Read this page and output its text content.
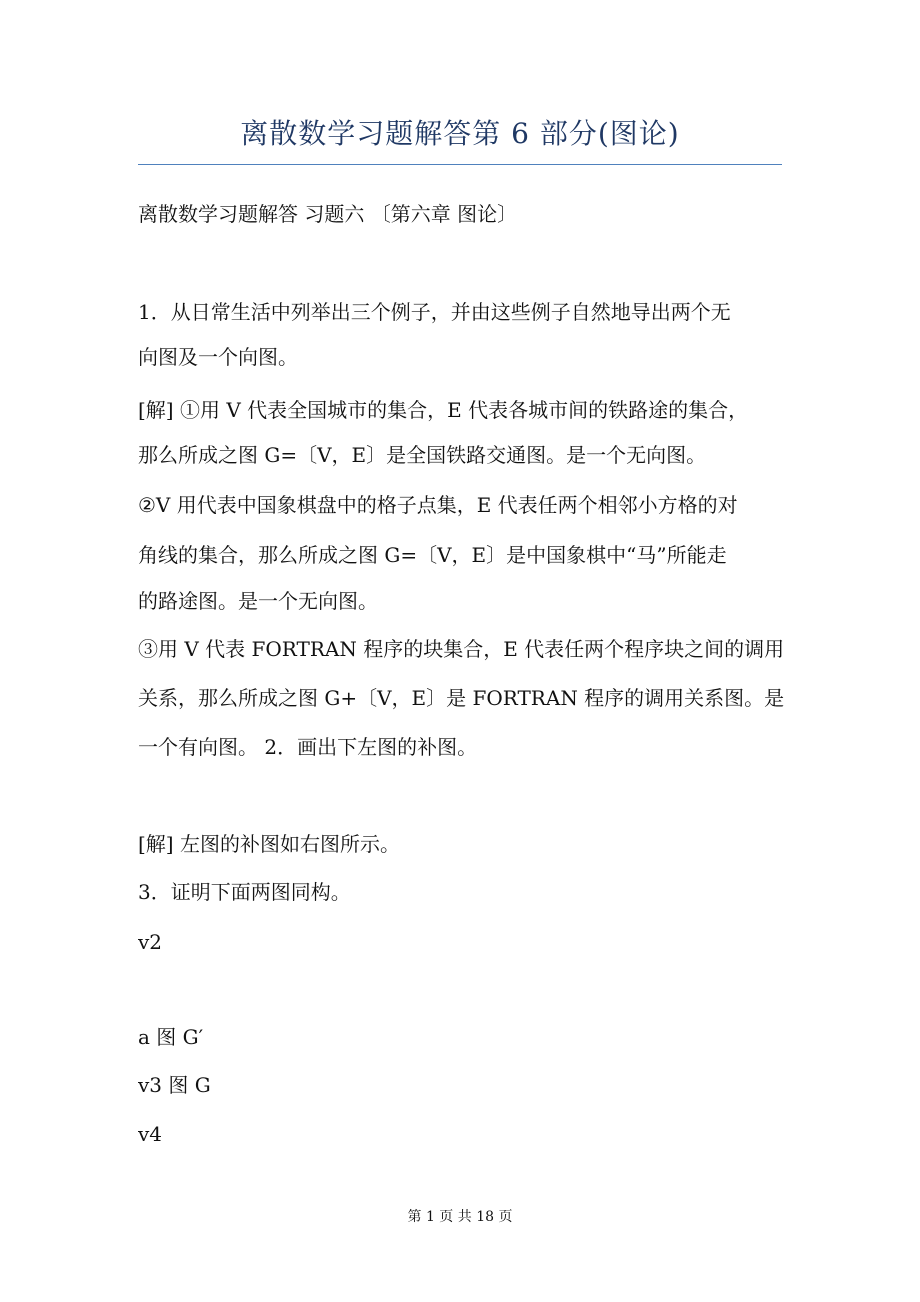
离散数学习题解答第 6 部分(图论)
离散数学习题解答 习题六 〔第六章 图论〕
1．从日常生活中列举出三个例子，并由这些例子自然地导出两个无
向图及一个向图。
[解] ①用 V 代表全国城市的集合，E 代表各城市间的铁路途的集合，
那么所成之图 G=〔V，E〕是全国铁路交通图。是一个无向图。
②V 用代表中国象棋盘中的格子点集，E 代表任两个相邻小方格的对
角线的集合，那么所成之图 G=〔V，E〕是中国象棋中“马”所能走
的路途图。是一个无向图。
③用 V 代表 FORTRAN 程序的块集合，E 代表任两个程序块之间的调用
关系，那么所成之图 G+〔V，E〕是 FORTRAN 程序的调用关系图。是
一个有向图。 2．画出下左图的补图。
[解] 左图的补图如右图所示。
3．证明下面两图同构。
v2
a 图 G′
v3 图 G
v4
第 1 页 共 18 页
